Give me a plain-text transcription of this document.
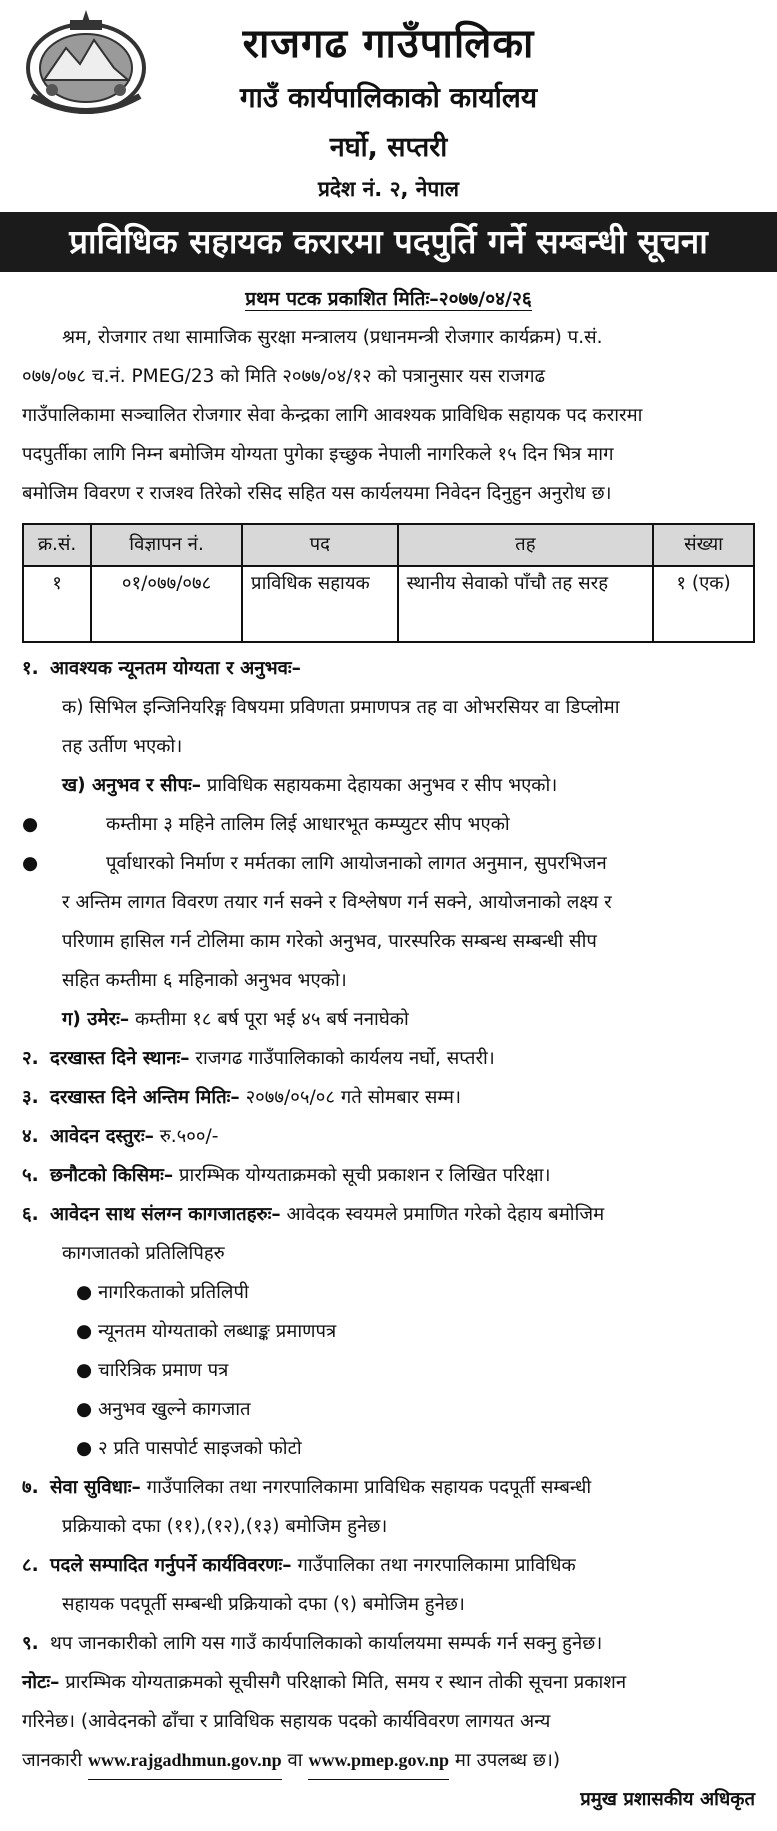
राजगढ गाउँपालिका
गाउँ कार्यपालिकाको कार्यालय
नर्घो, सप्तरी
प्रदेश नं. २, नेपाल
प्राविधिक सहायक करारमा पदपुर्ति गर्ने सम्बन्धी सूचना
प्रथम पटक प्रकाशित मितिः–२०७७/०४/२६

श्रम, रोजगार तथा सामाजिक सुरक्षा मन्त्रालय (प्रधानमन्त्री रोजगार कार्यक्रम) प.सं.

०७७/०७८ च.नं. PMEG/23 को मिति २०७७/०४/१२ को पत्रानुसार यस राजगढ

गाउँपालिकामा सञ्चालित रोजगार सेवा केन्द्रका लागि आवश्यक प्राविधिक सहायक पद करारमा

पदपुर्तीका लागि निम्न बमोजिम योग्यता पुगेका इच्छुक नेपाली नागरिकले १५ दिन भित्र माग

बमोजिम विवरण र राजश्व तिरेको रसिद सहित यस कार्यलयमा निवेदन दिनुहुन अनुरोध छ।

क्र.सं.	विज्ञापन नं.	पद	तह	संख्या
१	०१/०७७/०७८	प्राविधिक सहायक	स्थानीय सेवाको पाँचौ तह सरह	१ (एक)
१. आवश्यक न्यूनतम योग्यता र अनुभवः–
क) सिभिल इन्जिनियरिङ्ग विषयमा प्रविणता प्रमाणपत्र तह वा ओभरसियर वा डिप्लोमा
तह उर्तीण भएको।
ख) अनुभव र सीपः–
प्राविधिक सहायकमा देहायका अनुभव र सीप भएको।
●	कम्तीमा ३ महिने तालिम लिई आधारभूत कम्प्युटर सीप भएको
●	पूर्वाधारको निर्माण र मर्मतका लागि आयोजनाको लागत अनुमान, सुपरभिजन
र अन्तिम लागत विवरण तयार गर्न सक्ने र विश्लेषण गर्न सक्ने, आयोजनाको लक्ष्य र
परिणाम हासिल गर्न टोलिमा काम गरेको अनुभव, पारस्परिक सम्बन्ध सम्बन्धी सीप
सहित कम्तीमा ६ महिनाको अनुभव भएको।
ग) उमेरः–
कम्तीमा १८ बर्ष पूरा भई ४५ बर्ष ननाघेको
२. दरखास्त दिने स्थानः– राजगढ गाउँपालिकाको कार्यलय नर्घो, सप्तरी।
३. दरखास्त दिने अन्तिम मितिः– २०७७/०५/०८ गते सोमबार सम्म।
४. आवेदन दस्तुरः– रु.५००/-
५. छनौटको किसिमः– प्रारम्भिक योग्यताक्रमको सूची प्रकाशन र लिखित परिक्षा।
६. आवेदन साथ संलग्न कागजातहरुः– आवेदक स्वयमले प्रमाणित गरेको देहाय बमोजिम
कागजातको प्रतिलिपिहरु
● नागरिकताको प्रतिलिपी
● न्यूनतम योग्यताको लब्धाङ्क प्रमाणपत्र
● चारित्रिक प्रमाण पत्र
● अनुभव खुल्ने कागजात
● २ प्रति पासपोर्ट साइजको फोटो
७. सेवा सुविधाः– गाउँपालिका तथा नगरपालिकामा प्राविधिक सहायक पदपूर्ती सम्बन्धी
प्रक्रियाको दफा (११),(१२),(१३) बमोजिम हुनेछ।
८. पदले सम्पादित गर्नुपर्ने कार्यविवरणः– गाउँपालिका तथा नगरपालिकामा प्राविधिक
सहायक पदपूर्ती सम्बन्धी प्रक्रियाको दफा (९) बमोजिम हुनेछ।
९. थप जानकारीको लागि यस गाउँ कार्यपालिकाको कार्यालयमा सम्पर्क गर्न सक्नु हुनेछ।
नोटः–
प्रारम्भिक योग्यताक्रमको सूचीसगै परिक्षाको मिति, समय र स्थान तोकी सूचना प्रकाशन
गरिनेछ। (आवेदनको ढाँचा र प्राविधिक सहायक पदको कार्यविवरण लागयत अन्य
जानकारी
www.rajgadhmun.gov.np
वा
www.pmep.gov.np
मा उपलब्ध छ।)
प्रमुख प्रशासकीय अधिकृत
